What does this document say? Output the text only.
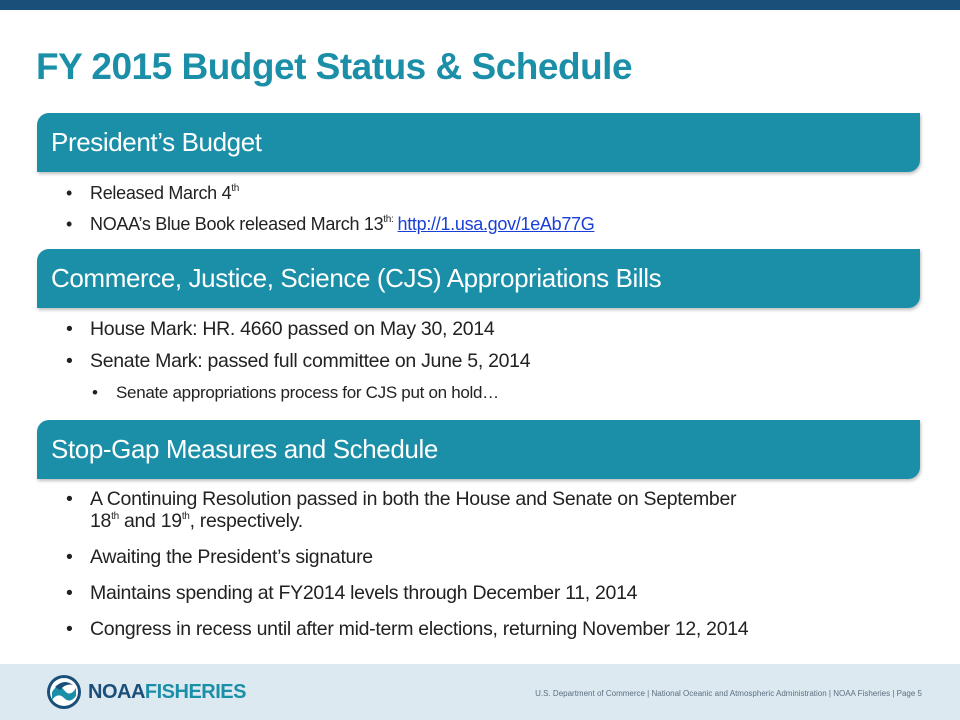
FY 2015 Budget Status & Schedule
President’s Budget
• Released March 4th
• NOAA’s Blue Book released March $13^{th:}$ http://1.usa.gov/1eAb77G
Commerce, Justice, Science (CJS) Appropriations Bills
• House Mark: HR. 4660 passed on May 30, 2014
• Senate Mark: passed full committee on June 5, 2014
• Senate appropriations process for CJS put on hold…
Stop-Gap Measures and Schedule
• A Continuing Resolution passed in both the House and Senate on September
18th and 19th, respectively.
• Awaiting the President’s signature
• Maintains spending at FY2014 levels through December 11, 2014
• Congress in recess until after mid-term elections, returning November 12, 2014
NOAAFISHERIES	U.S. Department of Commerce | National Oceanic and Atmospheric Administration | NOAA Fisheries | Page 5
